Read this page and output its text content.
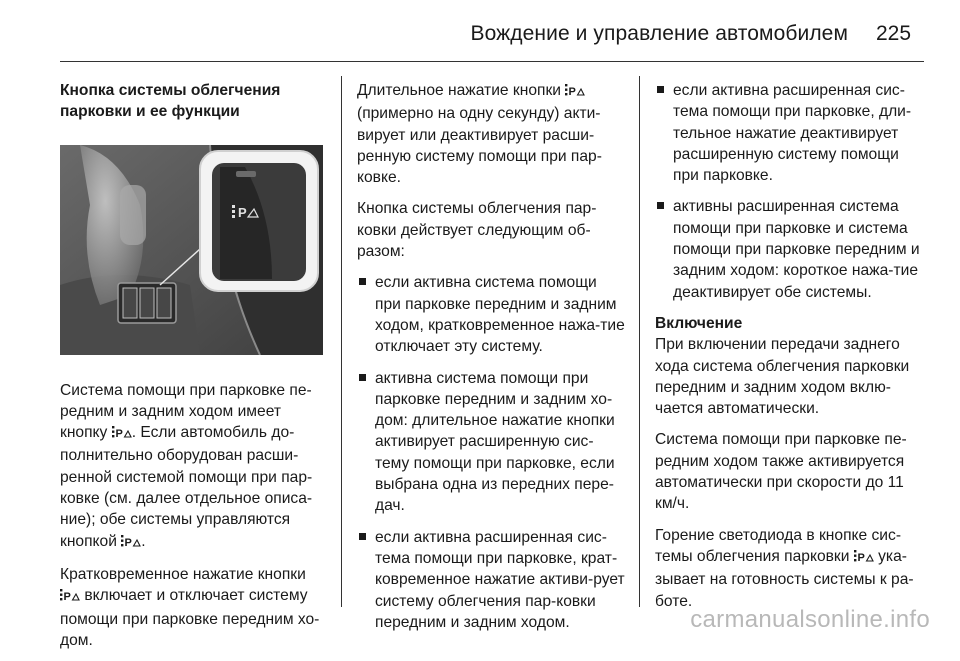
Вождение и управление автомобилем 225
Кнопка системы облегчения
парковки и ее функции
P

Система помощи при парковке пе-редним и задним ходом имеет кнопку P . Если автомобиль до-полнительно оборудован расши-ренной системой помощи при пар-ковке (см. далее отдельное описа-ние); обе системы управляются кнопкой P .

Кратковременное нажатие кнопки
P включает и отключает систему помощи при парковке передним хо-дом.

Длительное нажатие кнопки P
(примерно на одну секунду) акти-вирует или деактивирует расши-ренную систему помощи при пар-ковке.

Кнопка системы облегчения пар-ковки действует следующим об-разом:

если активна система помощи при парковке передним и задним ходом, кратковременное нажа-тие отключает эту систему.
активна система помощи при парковке передним и задним хо-дом: длительное нажатие кнопки активирует расширенную сис-тему помощи при парковке, если выбрана одна из передних пере-дач.
если активна расширенная сис-тема помощи при парковке, крат-ковременное нажатие активи-рует систему облегчения пар-ковки передним и задним ходом.
если активна расширенная сис-тема помощи при парковке, дли-тельное нажатие деактивирует расширенную систему помощи при парковке.
активны расширенная система помощи при парковке и система помощи при парковке передним и задним ходом: короткое нажа-тие деактивирует обе системы.
Включение

При включении передачи заднего хода система облегчения парковки передним и задним ходом вклю-чается автоматически.

Система помощи при парковке пе-редним ходом также активируется автоматически при скорости до 11 км/ч.

Горение светодиода в кнопке сис-темы облегчения парковки P ука-зывает на готовность системы к ра-боте.

carmanualsonline.info
